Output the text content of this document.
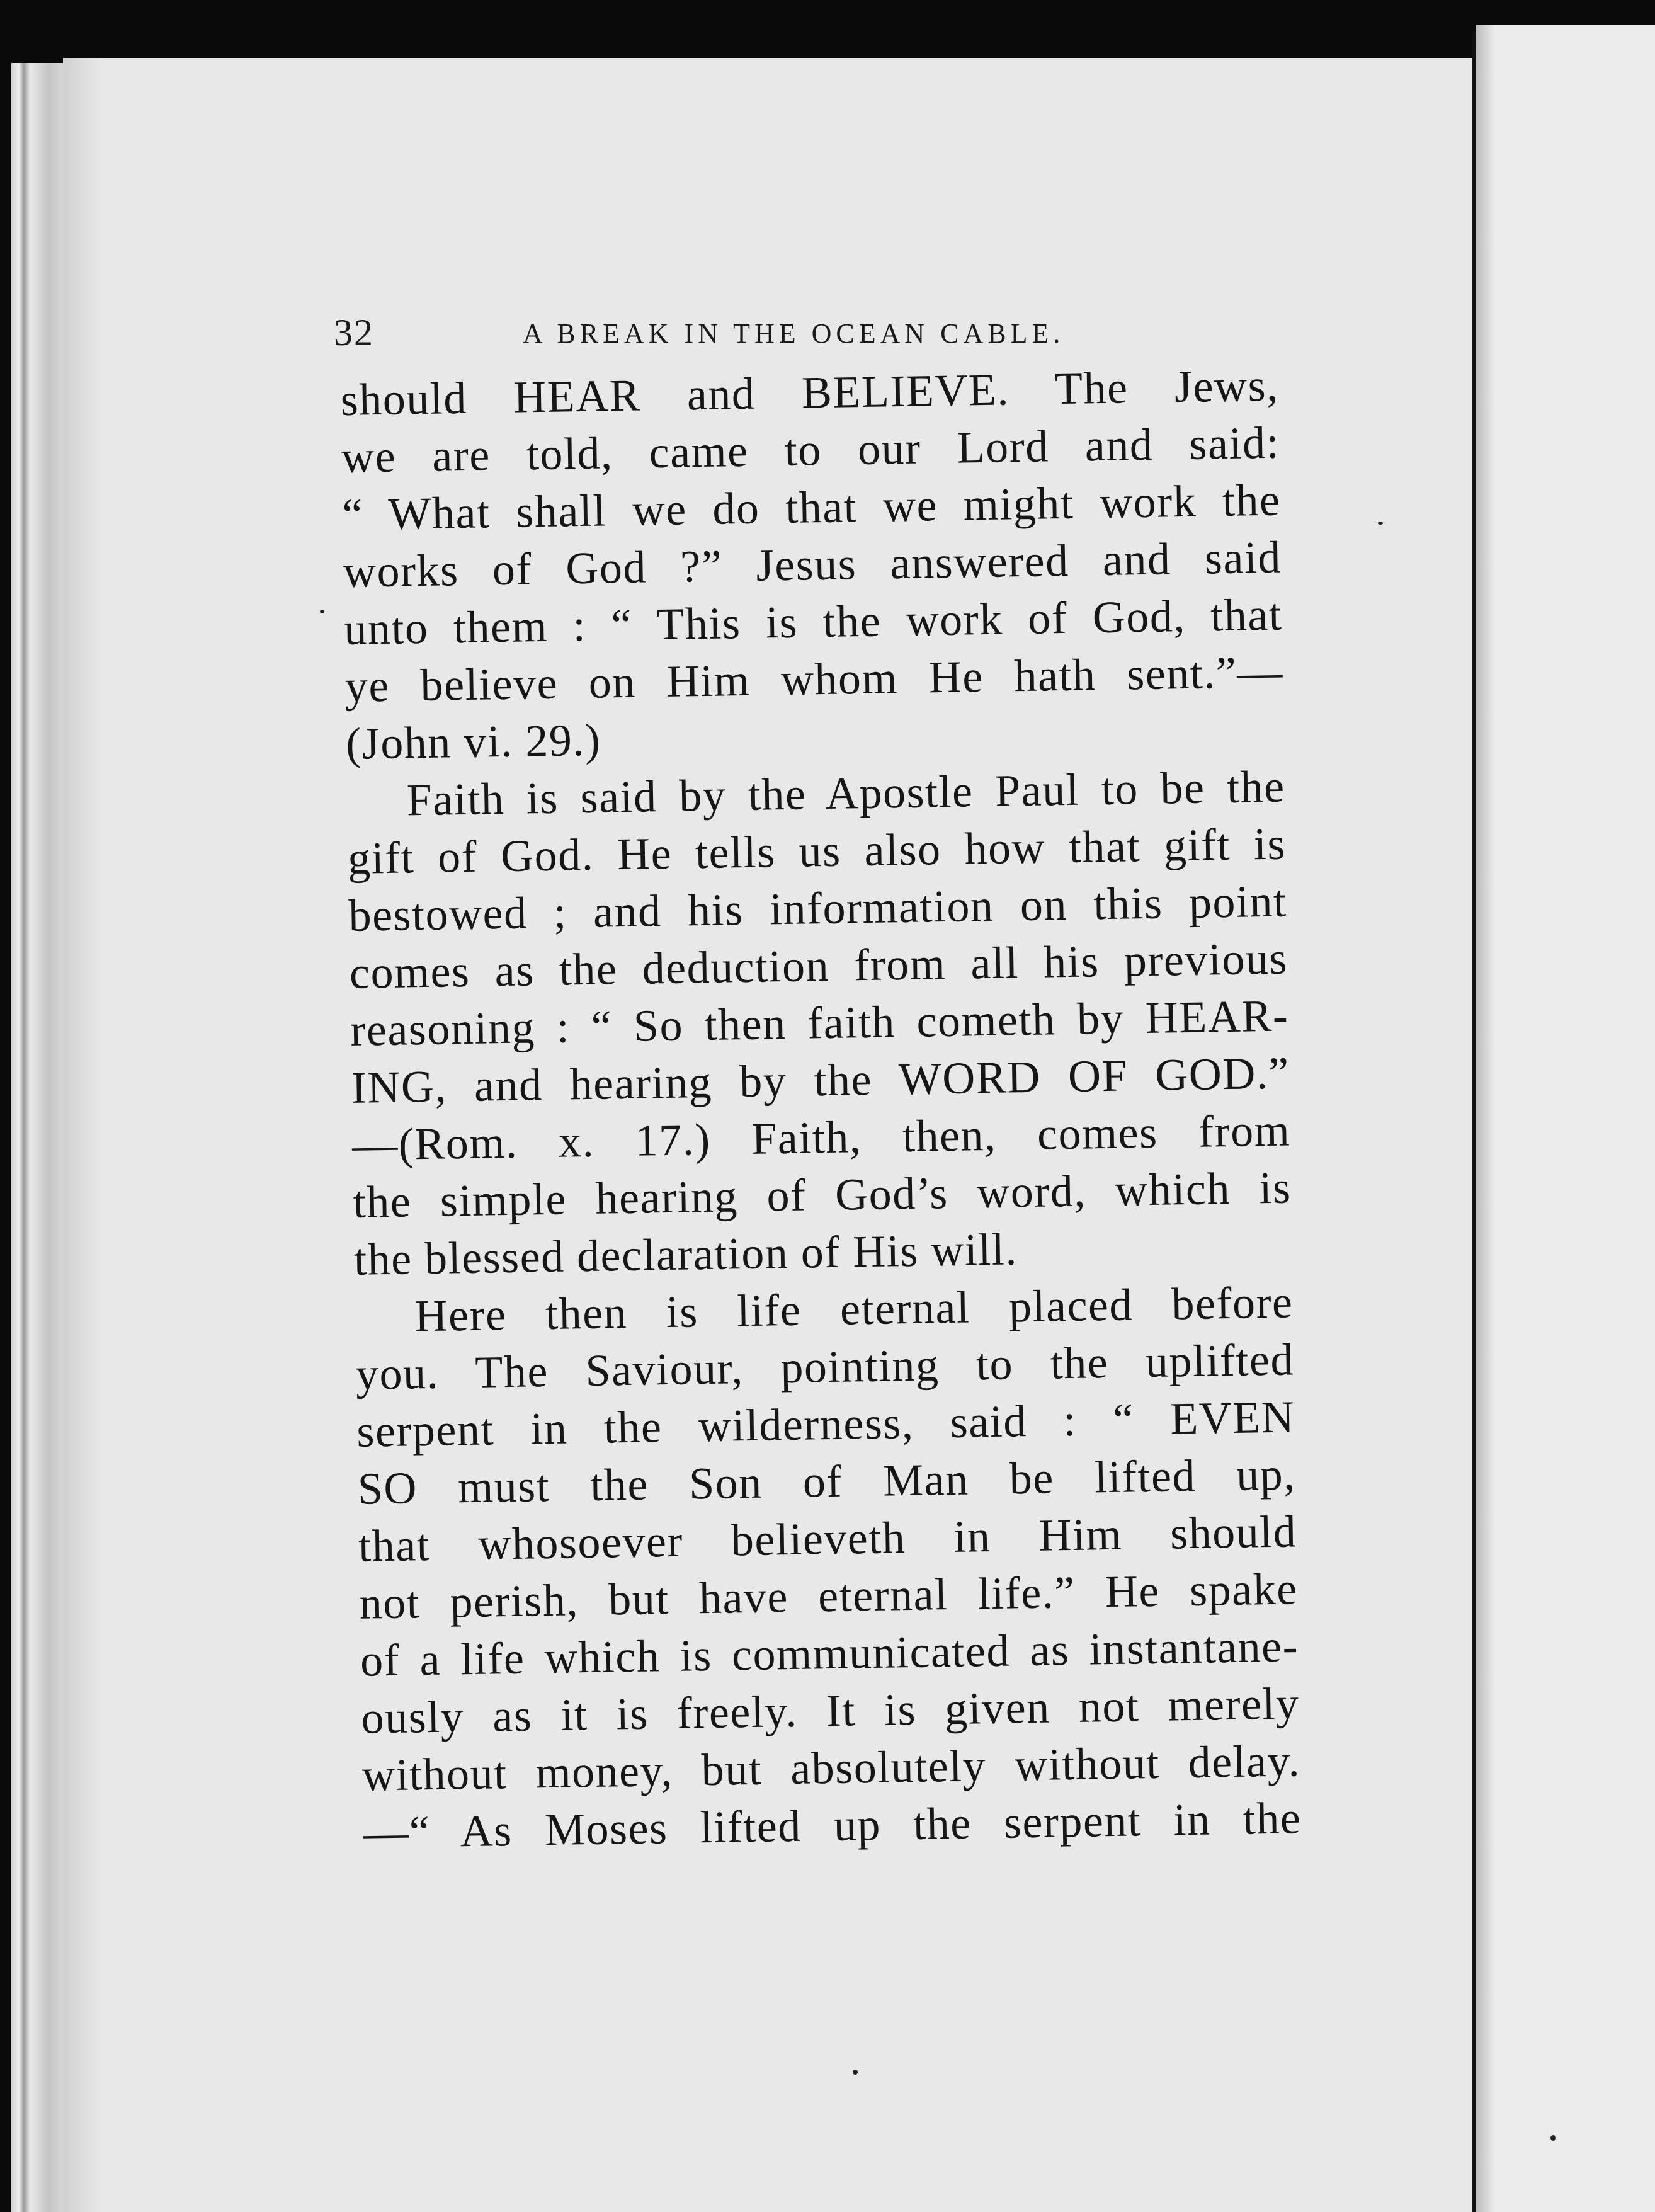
32	A BREAK IN THE OCEAN CABLE.
should HEAR and BELIEVE. The Jews,
we are told, came to our Lord and said:
“ What shall we do that we might work the
works of God ?” Jesus answered and said
unto them : “ This is the work of God, that
ye believe on Him whom He hath sent.”—
(John vi. 29.)
Faith is said by the Apostle Paul to be the
gift of God. He tells us also how that gift is
bestowed ; and his information on this point
comes as the deduction from all his previous
reasoning : “ So then faith cometh by HEAR-
ING, and hearing by the WORD OF GOD.”
—(Rom. x. 17.) Faith, then, comes from
the simple hearing of God’s word, which is
the blessed declaration of His will.
Here then is life eternal placed before
you. The Saviour, pointing to the uplifted
serpent in the wilderness, said : “ EVEN
SO must the Son of Man be lifted up,
that whosoever believeth in Him should
not perish, but have eternal life.” He spake
of a life which is communicated as instantane-
ously as it is freely. It is given not merely
without money, but absolutely without delay.
—“ As Moses lifted up the serpent in the
